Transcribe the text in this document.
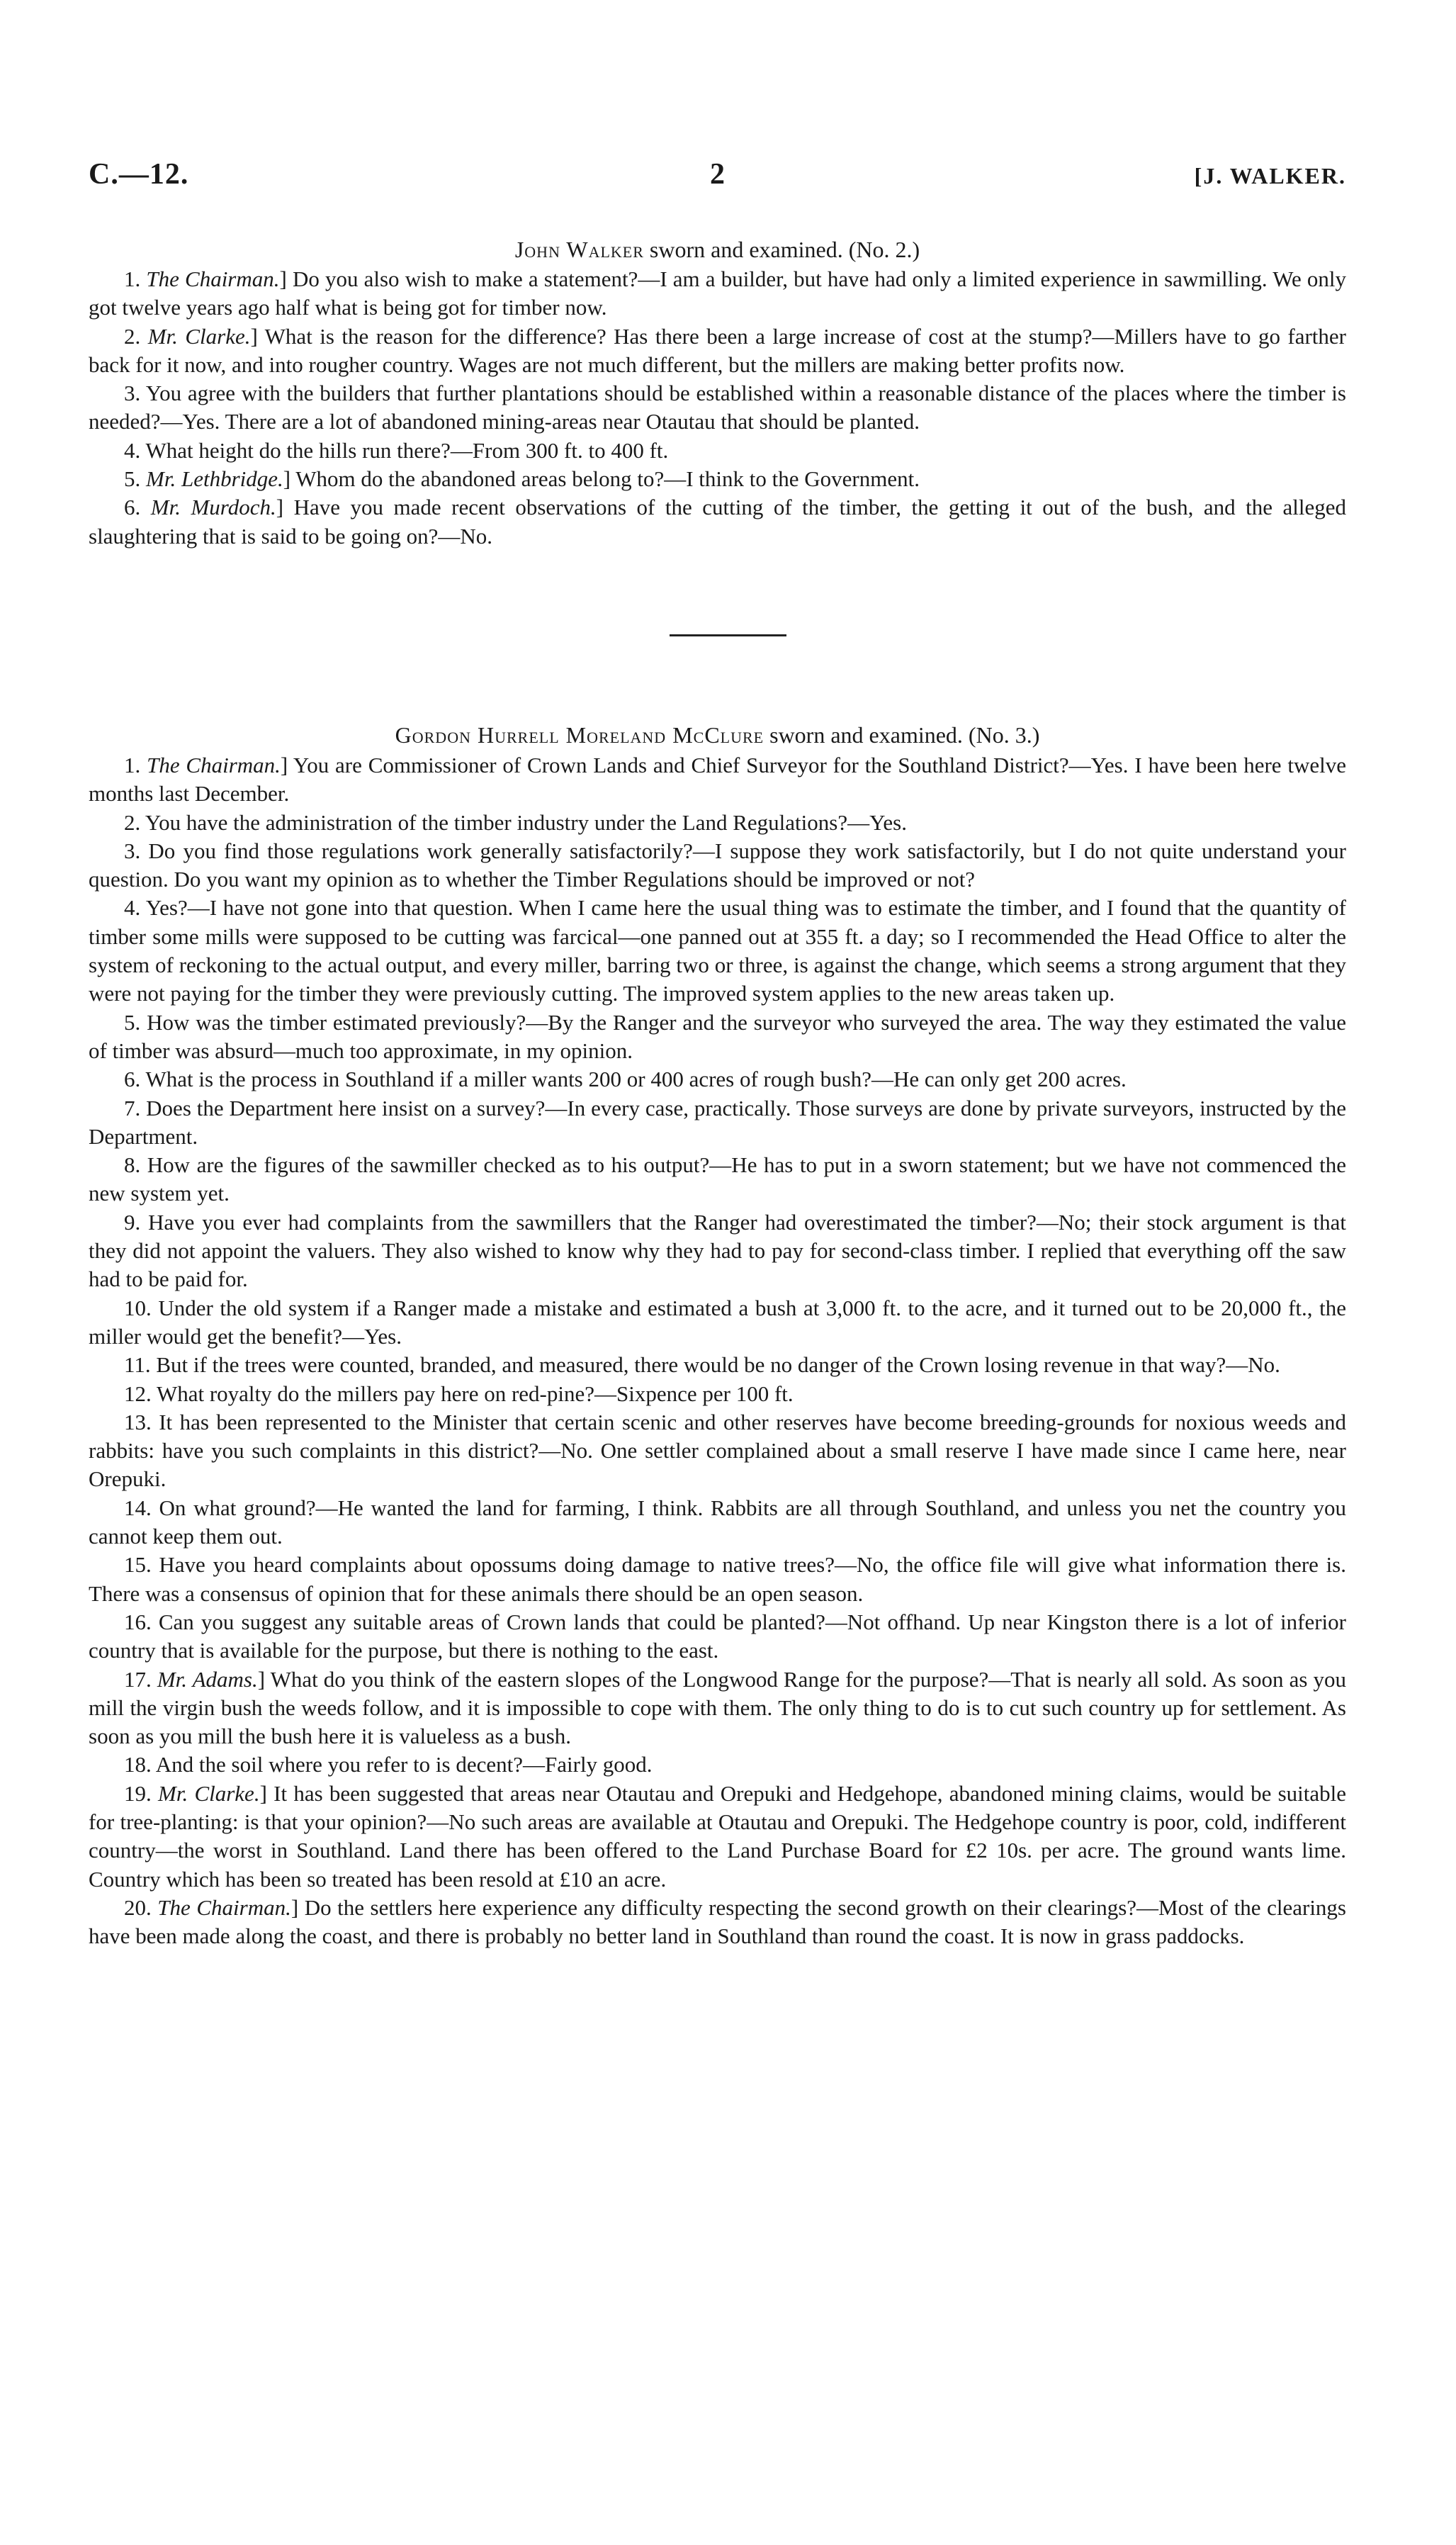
C.—12.	2	[J. WALKER.
John Walker sworn and examined. (No. 2.)

1. The Chairman.] Do you also wish to make a statement?—I am a builder, but have had only a limited experience in sawmilling. We only got twelve years ago half what is being got for timber now.

2. Mr. Clarke.] What is the reason for the difference? Has there been a large increase of cost at the stump?—Millers have to go farther back for it now, and into rougher country. Wages are not much different, but the millers are making better profits now.

3. You agree with the builders that further plantations should be established within a reasonable distance of the places where the timber is needed?—Yes. There are a lot of abandoned mining-areas near Otautau that should be planted.

4. What height do the hills run there?—From 300 ft. to 400 ft.

5. Mr. Lethbridge.] Whom do the abandoned areas belong to?—I think to the Government.

6. Mr. Murdoch.] Have you made recent observations of the cutting of the timber, the getting it out of the bush, and the alleged slaughtering that is said to be going on?—No.

Gordon Hurrell Moreland McClure sworn and examined. (No. 3.)

1. The Chairman.] You are Commissioner of Crown Lands and Chief Surveyor for the Southland District?—Yes. I have been here twelve months last December.

2. You have the administration of the timber industry under the Land Regulations?—Yes.

3. Do you find those regulations work generally satisfactorily?—I suppose they work satisfactorily, but I do not quite understand your question. Do you want my opinion as to whether the Timber Regulations should be improved or not?

4. Yes?—I have not gone into that question. When I came here the usual thing was to estimate the timber, and I found that the quantity of timber some mills were supposed to be cutting was farcical—one panned out at 355 ft. a day; so I recommended the Head Office to alter the system of reckoning to the actual output, and every miller, barring two or three, is against the change, which seems a strong argument that they were not paying for the timber they were previously cutting. The improved system applies to the new areas taken up.

5. How was the timber estimated previously?—By the Ranger and the surveyor who surveyed the area. The way they estimated the value of timber was absurd—much too approximate, in my opinion.

6. What is the process in Southland if a miller wants 200 or 400 acres of rough bush?—He can only get 200 acres.

7. Does the Department here insist on a survey?—In every case, practically. Those surveys are done by private surveyors, instructed by the Department.

8. How are the figures of the sawmiller checked as to his output?—He has to put in a sworn statement; but we have not commenced the new system yet.

9. Have you ever had complaints from the sawmillers that the Ranger had overestimated the timber?—No; their stock argument is that they did not appoint the valuers. They also wished to know why they had to pay for second-class timber. I replied that everything off the saw had to be paid for.

10. Under the old system if a Ranger made a mistake and estimated a bush at 3,000 ft. to the acre, and it turned out to be 20,000 ft., the miller would get the benefit?—Yes.

11. But if the trees were counted, branded, and measured, there would be no danger of the Crown losing revenue in that way?—No.

12. What royalty do the millers pay here on red-pine?—Sixpence per 100 ft.

13. It has been represented to the Minister that certain scenic and other reserves have become breeding-grounds for noxious weeds and rabbits: have you such complaints in this district?—No. One settler complained about a small reserve I have made since I came here, near Orepuki.

14. On what ground?—He wanted the land for farming, I think. Rabbits are all through Southland, and unless you net the country you cannot keep them out.

15. Have you heard complaints about opossums doing damage to native trees?—No, the office file will give what information there is. There was a consensus of opinion that for these animals there should be an open season.

16. Can you suggest any suitable areas of Crown lands that could be planted?—Not offhand. Up near Kingston there is a lot of inferior country that is available for the purpose, but there is nothing to the east.

17. Mr. Adams.] What do you think of the eastern slopes of the Longwood Range for the purpose?—That is nearly all sold. As soon as you mill the virgin bush the weeds follow, and it is impossible to cope with them. The only thing to do is to cut such country up for settlement. As soon as you mill the bush here it is valueless as a bush.

18. And the soil where you refer to is decent?—Fairly good.

19. Mr. Clarke.] It has been suggested that areas near Otautau and Orepuki and Hedgehope, abandoned mining claims, would be suitable for tree-planting: is that your opinion?—No such areas are available at Otautau and Orepuki. The Hedgehope country is poor, cold, indifferent country—the worst in Southland. Land there has been offered to the Land Purchase Board for £2 10s. per acre. The ground wants lime. Country which has been so treated has been resold at £10 an acre.

20. The Chairman.] Do the settlers here experience any difficulty respecting the second growth on their clearings?—Most of the clearings have been made along the coast, and there is probably no better land in Southland than round the coast. It is now in grass paddocks.
